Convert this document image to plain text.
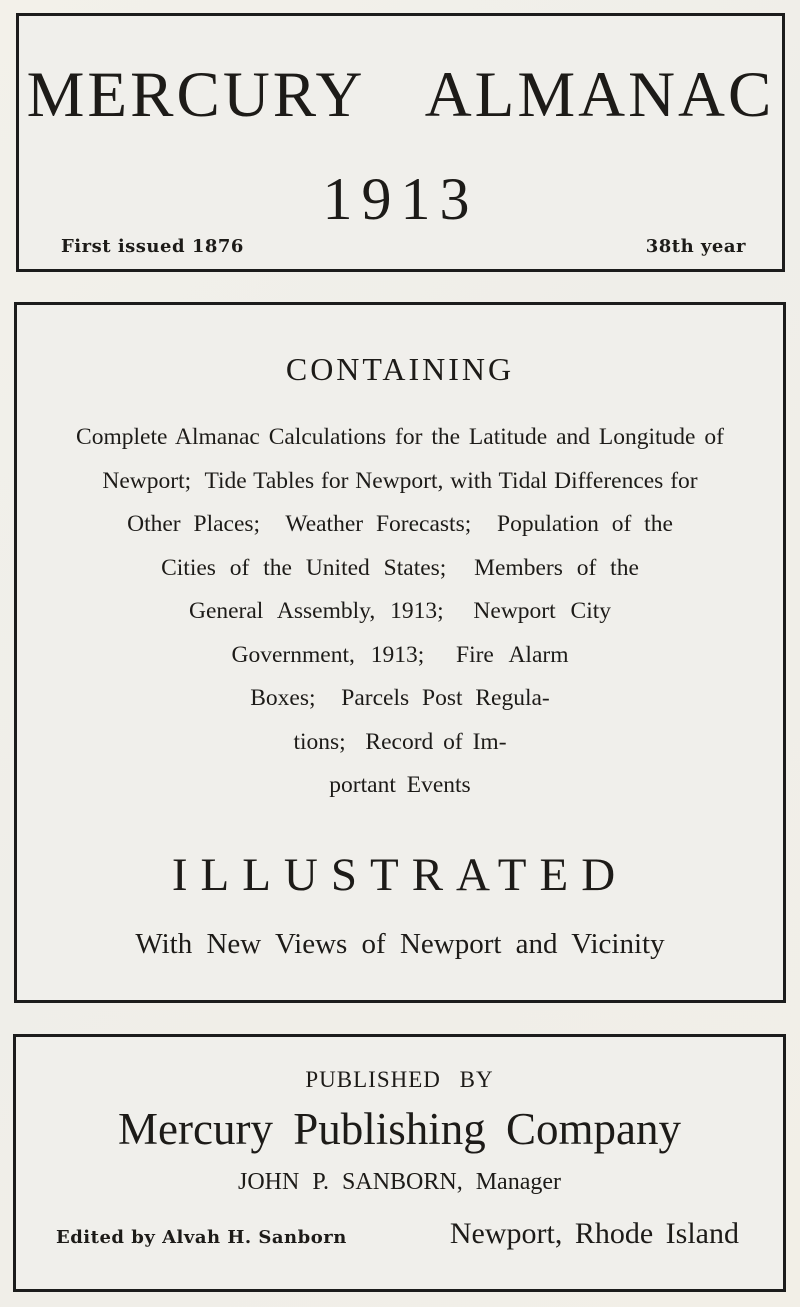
MERCURY ALMANAC
1913
First issued 1876	38th year
CONTAINING
Complete Almanac Calculations for the Latitude and Longitude of
Newport;  Tide Tables for Newport, with Tidal Differences for
Other Places;  Weather Forecasts;  Population of the
Cities of the United States;  Members of the
General Assembly, 1913;  Newport City
Government, 1913;  Fire Alarm
Boxes;  Parcels Post Regula-
tions;  Record of Im-
portant Events
ILLUSTRATED
With New Views of Newport and Vicinity
PUBLISHED BY
Mercury Publishing Company
JOHN P. SANBORN, Manager
Edited by Alvah H. Sanborn	Newport, Rhode Island
